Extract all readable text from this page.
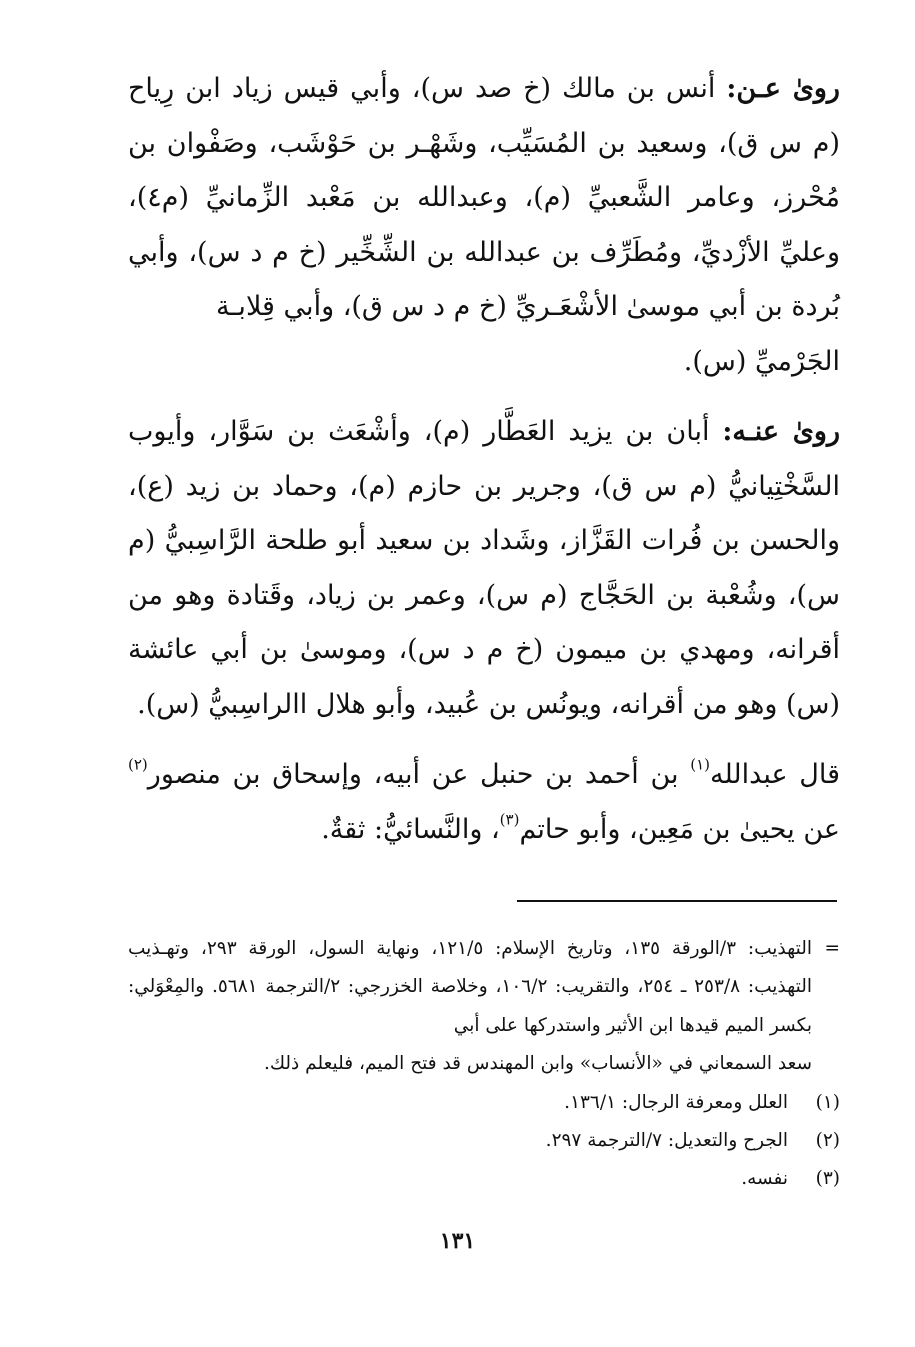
روىٰ عـن: أنس بن مالك (خ صد س)، وأبي قيس زياد ابن رِياح (م س ق)، وسعيد بن المُسَيِّب، وشَهْـر بن حَوْشَب، وصَفْوان بن مُحْرز، وعامر الشَّعبيِّ (م)، وعبدالله بن مَعْبد الزِّمانيِّ (م٤)، وعليِّ الأزْديِّ، ومُطَرِّف بن عبدالله بن الشِّخِّير (خ م د س)، وأبي بُردة بن أبي موسىٰ الأشْعَـريِّ (خ م د س ق)، وأبي قِلابـة
الجَرْميِّ (س).

روىٰ عنـه: أبان بن يزيد العَطَّار (م)، وأشْعَث بن سَوَّار، وأيوب السَّخْتِيانيُّ (م س ق)، وجرير بن حازم (م)، وحماد بن زيد (ع)، والحسن بن فُرات القَزَّاز، وشَداد بن سعيد أبو طلحة الرَّاسِبيُّ (م س)، وشُعْبة بن الحَجَّاج (م س)، وعمر بن زياد، وقَتادة وهو من أقرانه، ومهدي بن ميمون (خ م د س)، وموسىٰ بن أبي عائشة (س) وهو من أقرانه، ويونُس بن عُبيد، وأبو هلال االراسِبيُّ (س).

قال عبدالله$^{(١)}$ بن أحمد بن حنبل عن أبيه، وإسحاق بن منصور$^{(٢)}$ عن يحيىٰ بن مَعِين، وأبو حاتم$^{(٣)}$، والنَّسائيُّ: ثقةٌ.

=
التهذيب: ٣/الورقة ١٣٥، وتاريخ الإسلام: ١٢١/٥، ونهاية السول، الورقة ٢٩٣، وتهـذيب التهذيب: ٢٥٣/٨ ـ ٢٥٤، والتقريب: ١٠٦/٢، وخلاصة الخزرجي: ٢/الترجمة ٥٦٨١. والمِعْوَلي: بكسر الميم قيدها ابن الأثير واستدركها على أبي
سعد السمعاني في «الأنساب» وابن المهندس قد فتح الميم، فليعلم ذلك.

(١)
العلل ومعرفة الرجال: ١٣٦/١.

(٢)
الجرح والتعديل: ٧/الترجمة ٢٩٧.

(٣)
نفسه.

١٣١
